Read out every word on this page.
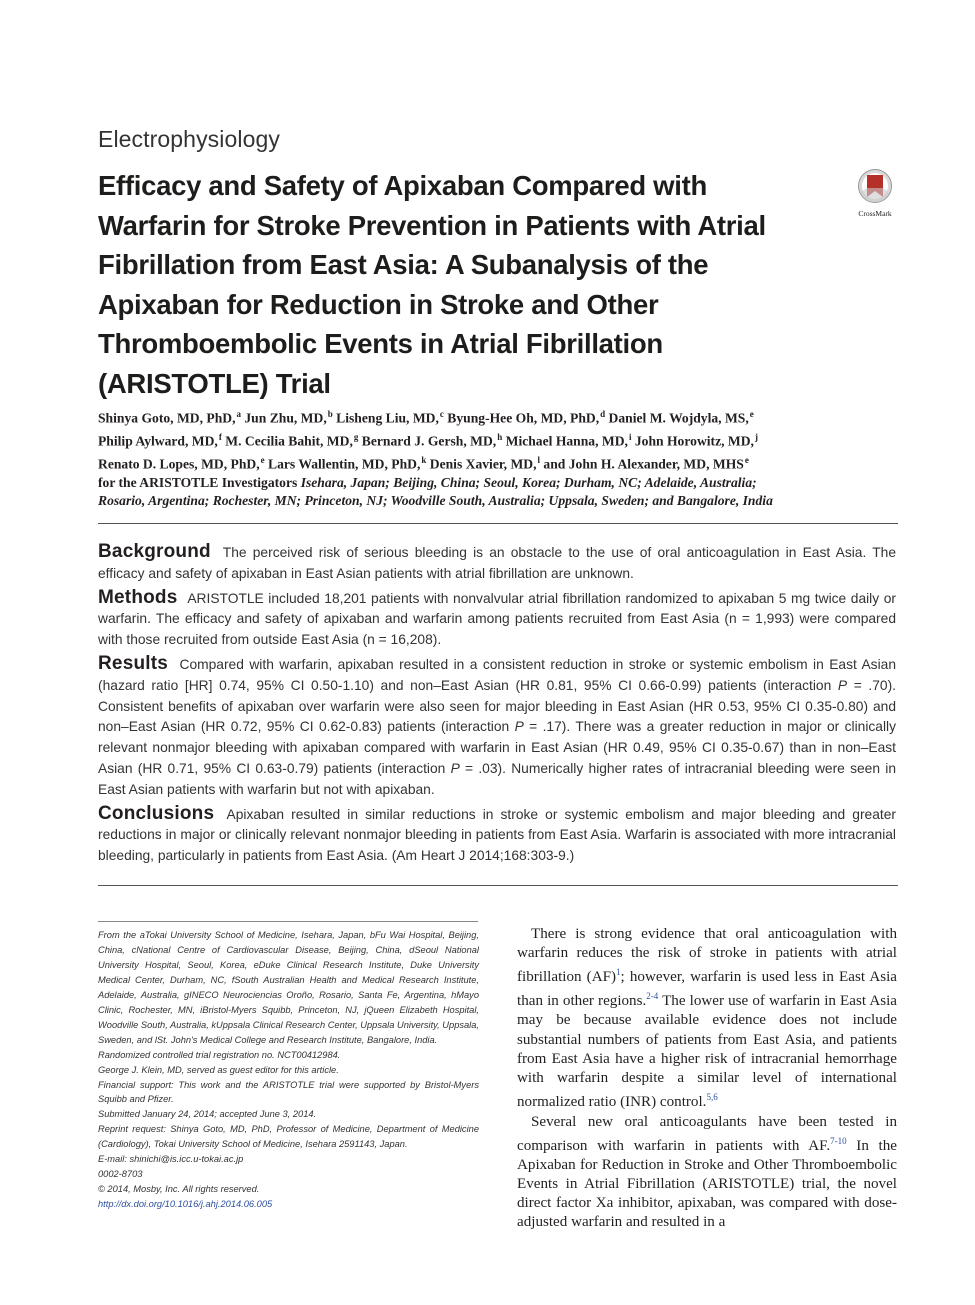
Electrophysiology
Efficacy and Safety of Apixaban Compared with Warfarin for Stroke Prevention in Patients with Atrial Fibrillation from East Asia: A Subanalysis of the Apixaban for Reduction in Stroke and Other Thromboembolic Events in Atrial Fibrillation (ARISTOTLE) Trial
CrossMark
Shinya Goto, MD, PhD,$^a$ Jun Zhu, MD,$^b$ Lisheng Liu, MD,$^c$ Byung-Hee Oh, MD, PhD,$^d$ Daniel M. Wojdyla, MS,$^e$
Philip Aylward, MD,$^f$ M. Cecilia Bahit, MD,$^g$ Bernard J. Gersh, MD,$^h$ Michael Hanna, MD,$^i$ John Horowitz, MD,$^j$
Renato D. Lopes, MD, PhD,$^e$ Lars Wallentin, MD, PhD,$^k$ Denis Xavier, MD,$^l$ and John H. Alexander, MD, MHS$^e$
for the ARISTOTLE Investigators Isehara, Japan; Beijing, China; Seoul, Korea; Durham, NC; Adelaide, Australia;
Rosario, Argentina; Rochester, MN; Princeton, NJ; Woodville South, Australia; Uppsala, Sweden; and Bangalore, India

Background The perceived risk of serious bleeding is an obstacle to the use of oral anticoagulation in East Asia. The efficacy and safety of apixaban in East Asian patients with atrial fibrillation are unknown.

Methods ARISTOTLE included 18,201 patients with nonvalvular atrial fibrillation randomized to apixaban 5 mg twice daily or warfarin. The efficacy and safety of apixaban and warfarin among patients recruited from East Asia (n = 1,993) were compared with those recruited from outside East Asia (n = 16,208).

Results Compared with warfarin, apixaban resulted in a consistent reduction in stroke or systemic embolism in East Asian (hazard ratio [HR] 0.74, 95% CI 0.50-1.10) and non–East Asian (HR 0.81, 95% CI 0.66-0.99) patients (interaction P = .70). Consistent benefits of apixaban over warfarin were also seen for major bleeding in East Asian (HR 0.53, 95% CI 0.35-0.80) and non–East Asian (HR 0.72, 95% CI 0.62-0.83) patients (interaction P = .17). There was a greater reduction in major or clinically relevant nonmajor bleeding with apixaban compared with warfarin in East Asian (HR 0.49, 95% CI 0.35-0.67) than in non–East Asian (HR 0.71, 95% CI 0.63-0.79) patients (interaction P = .03). Numerically higher rates of intracranial bleeding were seen in East Asian patients with warfarin but not with apixaban.

Conclusions Apixaban resulted in similar reductions in stroke or systemic embolism and major bleeding and greater reductions in major or clinically relevant nonmajor bleeding in patients from East Asia. Warfarin is associated with more intracranial bleeding, particularly in patients from East Asia. (Am Heart J 2014;168:303-9.)

From the aTokai University School of Medicine, Isehara, Japan, bFu Wai Hospital, Beijing, China, cNational Centre of Cardiovascular Disease, Beijing, China, dSeoul National University Hospital, Seoul, Korea, eDuke Clinical Research Institute, Duke University Medical Center, Durham, NC, fSouth Australian Health and Medical Research Institute, Adelaide, Australia, gINECO Neurociencias Oroño, Rosario, Santa Fe, Argentina, hMayo Clinic, Rochester, MN, iBristol-Myers Squibb, Princeton, NJ, jQueen Elizabeth Hospital, Woodville South, Australia, kUppsala Clinical Research Center, Uppsala University, Uppsala, Sweden, and lSt. John's Medical College and Research Institute, Bangalore, India.
Randomized controlled trial registration no. NCT00412984.
George J. Klein, MD, served as guest editor for this article.
Financial support: This work and the ARISTOTLE trial were supported by Bristol-Myers Squibb and Pfizer.
Submitted January 24, 2014; accepted June 3, 2014.
Reprint request: Shinya Goto, MD, PhD, Professor of Medicine, Department of Medicine (Cardiology), Tokai University School of Medicine, Isehara 2591143, Japan.
E-mail: shinichi@is.icc.u-tokai.ac.jp
0002-8703
© 2014, Mosby, Inc. All rights reserved.
http://dx.doi.org/10.1016/j.ahj.2014.06.005

There is strong evidence that oral anticoagulation with warfarin reduces the risk of stroke in patients with atrial fibrillation (AF)$^1$; however, warfarin is used less in East Asia than in other regions.$^{2-4}$ The lower use of warfarin in East Asia may be because available evidence does not include substantial numbers of patients from East Asia, and patients from East Asia have a higher risk of intracranial hemorrhage with warfarin despite a similar level of international normalized ratio (INR) control.$^{5,6}$

Several new oral anticoagulants have been tested in comparison with warfarin in patients with AF.$^{7-10}$ In the Apixaban for Reduction in Stroke and Other Thromboembolic Events in Atrial Fibrillation (ARISTOTLE) trial, the novel direct factor Xa inhibitor, apixaban, was compared with dose-adjusted warfarin and resulted in a
